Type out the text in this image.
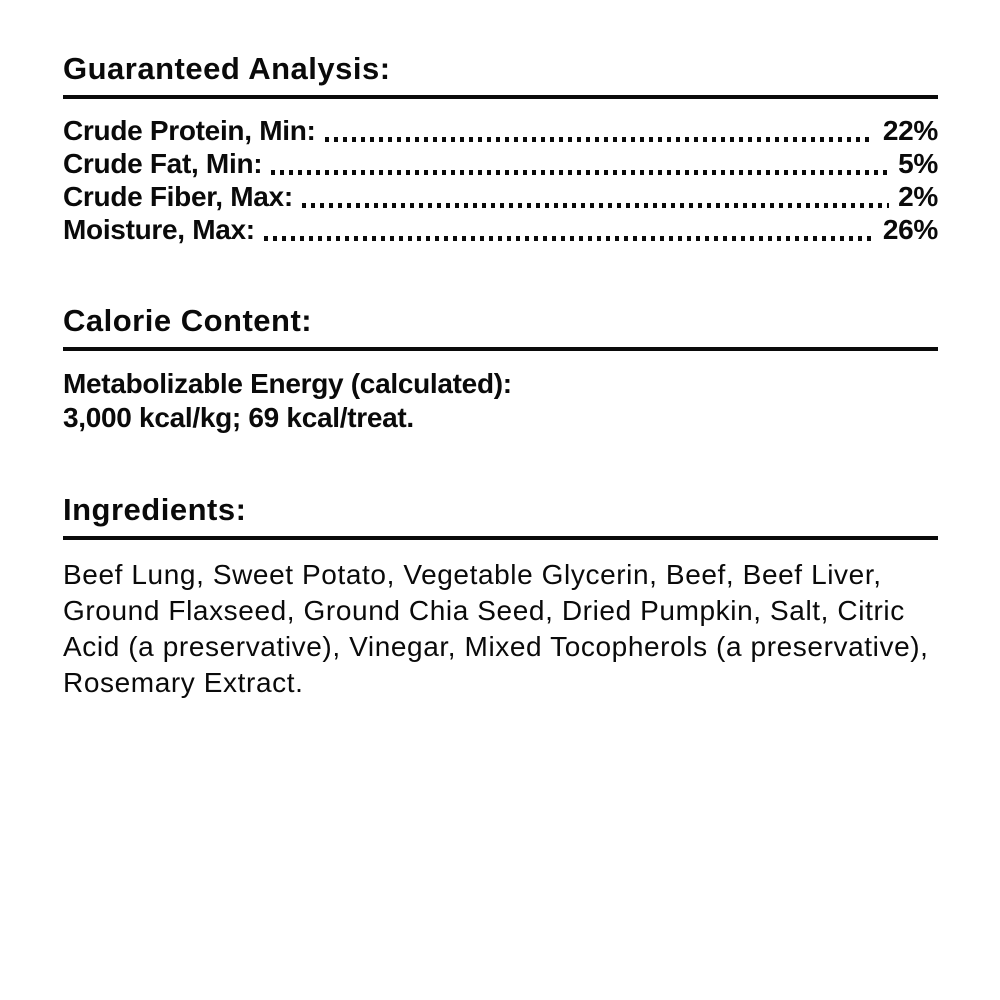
Guaranteed Analysis:
Crude Protein, Min:	22%
Crude Fat, Min:	5%
Crude Fiber, Max:	2%
Moisture, Max:	26%
Calorie Content:
Metabolizable Energy (calculated):
3,000 kcal/kg; 69 kcal/treat.
Ingredients:
Beef Lung, Sweet Potato, Vegetable Glycerin, Beef, Beef Liver, Ground Flaxseed, Ground Chia Seed, Dried Pumpkin, Salt, Citric Acid (a preservative), Vinegar, Mixed Tocopherols (a preservative), Rosemary Extract.
